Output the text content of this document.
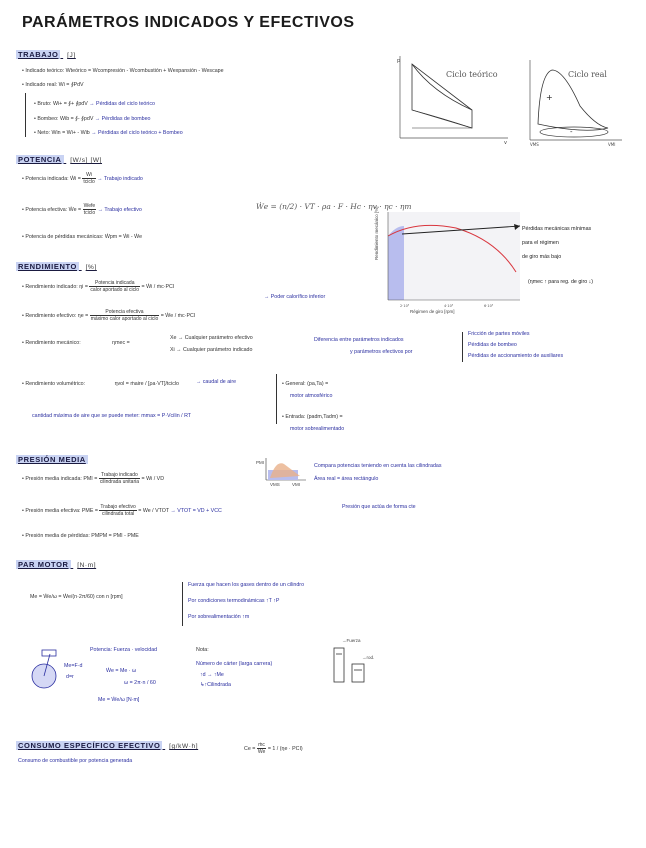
PARÁMETROS INDICADOS Y EFECTIVOS
TRABAJO [J]
• Indicado teórico: Wteórico = Wcompresión - Wcombustión + Wexpansión - Wescape
• Indicado real: Wi = ∮PdV
• Bruto: Wi+ = ∮+ ∮pdV → Pérdidas del ciclo teórico
• Bombeo: Wib = ∮- ∮pdV → Pérdidas de bombeo
• Neto: Win = Wi+ - Wib → Pérdidas del ciclo teórico + Bombeo
p
v
Ciclo teórico
+
-
VMS	VMI
Ciclo real
POTENCIA [W/s] [W]
• Potencia indicada: Ẇi = $\frac{Wi}{\text{tciclo}}$ → Trabajo indicado
• Potencia efectiva: Ẇe = $\frac{\text{Wefe}}{\text{tciclo}}$ → Trabajo efectivo	Ẇe = (n/2) · VT · ρa · F · Hc · ηv · ηc · ηm
• Potencia de pérdidas mecánicas: Ẇpm = Ẇi - Ẇe
2·10³	4·10³	6·10³
Régimen de giro [rpm]
Rendimiento mecánico [%]	Pérdidas mecánicas mínimas
para el régimen
de giro más bajo
(ηmec ↑ para reg. de giro ↓)
RENDIMIENTO [%]
• Rendimiento indicado: $\eta i = \frac{\text{Potencia indicada}}{\text{calor aportado al ciclo}}$ = Ẇi / ṁc·PCI
→ Poder calorífico inferior
• Rendimiento efectivo: $\eta e = \frac{\text{Potencia efectiva}}{\text{máximo calor aportado al ciclo}}$ = Ẇe / ṁc·PCI
• Rendimiento mecánico:	ηmec =
Xe → Cualquier parámetro efectivo
Xi → Cualquier parámetro indicado
Diferencia entre parámetros indicados
y parámetros efectivos por
Fricción de partes móviles
Pérdidas de bombeo
Pérdidas de accionamiento de auxiliares
• Rendimiento volumétrico:	ηvol = ṁaire / [ρa·VT]/tciclo	→ caudal de aire	• General: (pa,Ta) =
motor atmosférico
• Entrada: (padm,Tadm) =
motor sobrealimentado
cantidad máxima de aire que se puede meter: mmax = P·Vcilin / RT
PRESIÓN MEDIA
• Presión media indicada: PMI = $\frac{\text{Trabajo indicado}}{\text{cilindrada unitaria}} = Wi$ / VD
PMI
VMS	VMI
Compara potencias teniendo en cuenta las cilindradas
Área real = área rectángulo
• Presión media efectiva: PME = $\frac{\text{Trabajo efectivo}}{\text{cilindrada total}} = We$ / VTOT → VTOT = VD + VCC
Presión que actúa de forma cte
• Presión media de pérdidas: PMPM = PMI - PME
PAR MOTOR [N·m]
Me = Ẇe/ω = Ẇe/(n·2π/60) con n [rpm]
Fuerza que hacen los gases dentro de un cilindro
Por condiciones termodinámicas ↑T ↑P
Por sobrealimentación ↑m
Me=F·d
d=r
Potencia: Fuerza · velocidad
Ẇe = Me · ω
ω = 2π·n / 60
Me = Ẇe/ω [N·m]
Nota:
Número de cárter (larga carrera)
↑d → ↑Me
↳↑Cilindrada
→Fuerza
→rod.
CONSUMO ESPECÍFICO EFECTIVO [g/kW·h]	$Ce = \frac{\text{ṁc}}{\text{Ẇe}} = 1 / (\eta e \cdot PCI)$
Consumo de combustible por potencia generada
